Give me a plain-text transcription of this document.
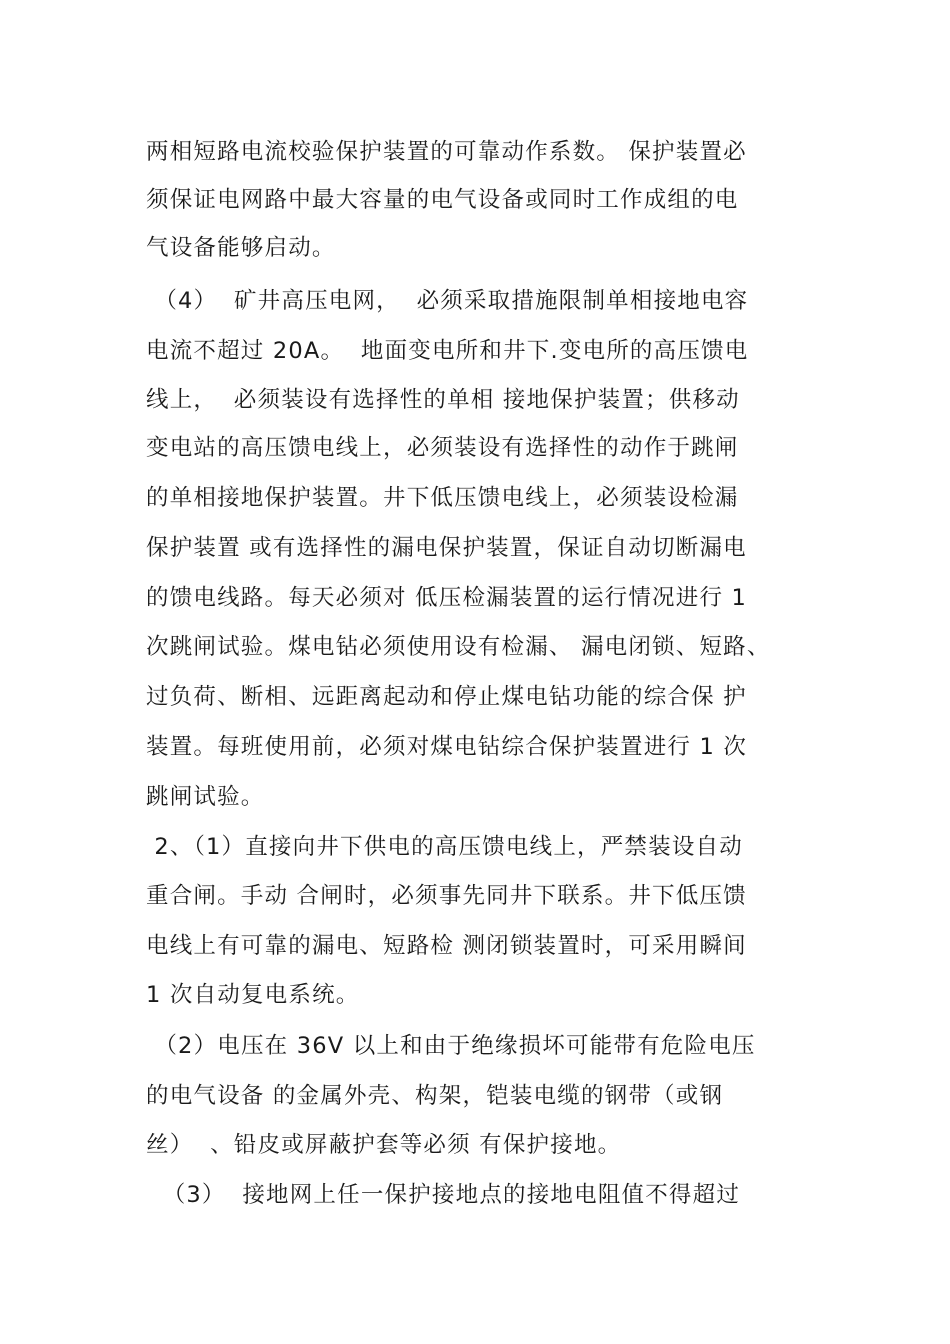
两相短路电流校验保护装置的可靠动作系数。 保护装置必
须保证电网路中最大容量的电气设备或同时工作成组的电
气设备能够启动。
（4）  矿井高压电网，  必须采取措施限制单相接地电容
电流不超过 20A。  地面变电所和井下.变电所的高压馈电
线上，  必须装设有选择性的单相 接地保护装置；供移动
变电站的高压馈电线上，必须装设有选择性的动作于跳闸
的单相接地保护装置。井下低压馈电线上，必须装设检漏
保护装置 或有选择性的漏电保护装置，保证自动切断漏电
的馈电线路。每天必须对 低压检漏装置的运行情况进行 1
次跳闸试验。煤电钻必须使用设有检漏、 漏电闭锁、短路、
过负荷、断相、远距离起动和停止煤电钻功能的综合保 护
装置。每班使用前，必须对煤电钻综合保护装置进行 1 次
跳闸试验。
2、（1）直接向井下供电的高压馈电线上，严禁装设自动
重合闸。手动 合闸时，必须事先同井下联系。井下低压馈
电线上有可靠的漏电、短路检 测闭锁装置时，可采用瞬间
1 次自动复电系统。
（2）电压在 36V 以上和由于绝缘损坏可能带有危险电压
的电气设备 的金属外壳、构架，铠装电缆的钢带（或钢
丝）  、铅皮或屏蔽护套等必须 有保护接地。
（3）  接地网上任一保护接地点的接地电阻值不得超过
